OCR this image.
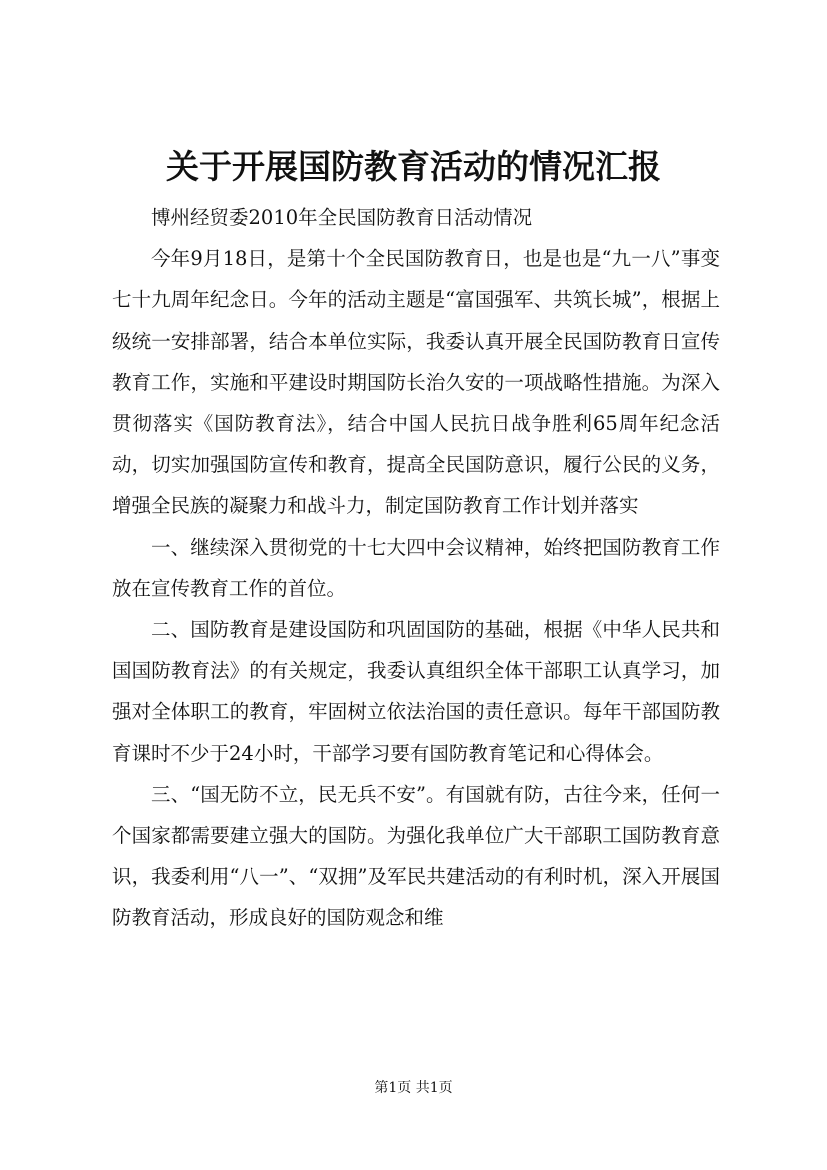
关于开展国防教育活动的情况汇报

博州经贸委2010年全民国防教育日活动情况

今年9月18日，是第十个全民国防教育日，也是也是“九一八”事变七十九周年纪念日。今年的活动主题是“富国强军、共筑长城”，根据上级统一安排部署，结合本单位实际，我委认真开展全民国防教育日宣传教育工作，实施和平建设时期国防长治久安的一项战略性措施。为深入贯彻落实《国防教育法》，结合中国人民抗日战争胜利65周年纪念活动，切实加强国防宣传和教育，提高全民国防意识，履行公民的义务，增强全民族的凝聚力和战斗力，制定国防教育工作计划并落实

一、继续深入贯彻党的十七大四中会议精神，始终把国防教育工作放在宣传教育工作的首位。

二、国防教育是建设国防和巩固国防的基础，根据《中华人民共和国国防教育法》的有关规定，我委认真组织全体干部职工认真学习，加强对全体职工的教育，牢固树立依法治国的责任意识。每年干部国防教育课时不少于24小时，干部学习要有国防教育笔记和心得体会。

三、“国无防不立，民无兵不安”。有国就有防，古往今来，任何一个国家都需要建立强大的国防。为强化我单位广大干部职工国防教育意识，我委利用“八一”、“双拥”及军民共建活动的有利时机，深入开展国防教育活动，形成良好的国防观念和维

第1页 共1页
